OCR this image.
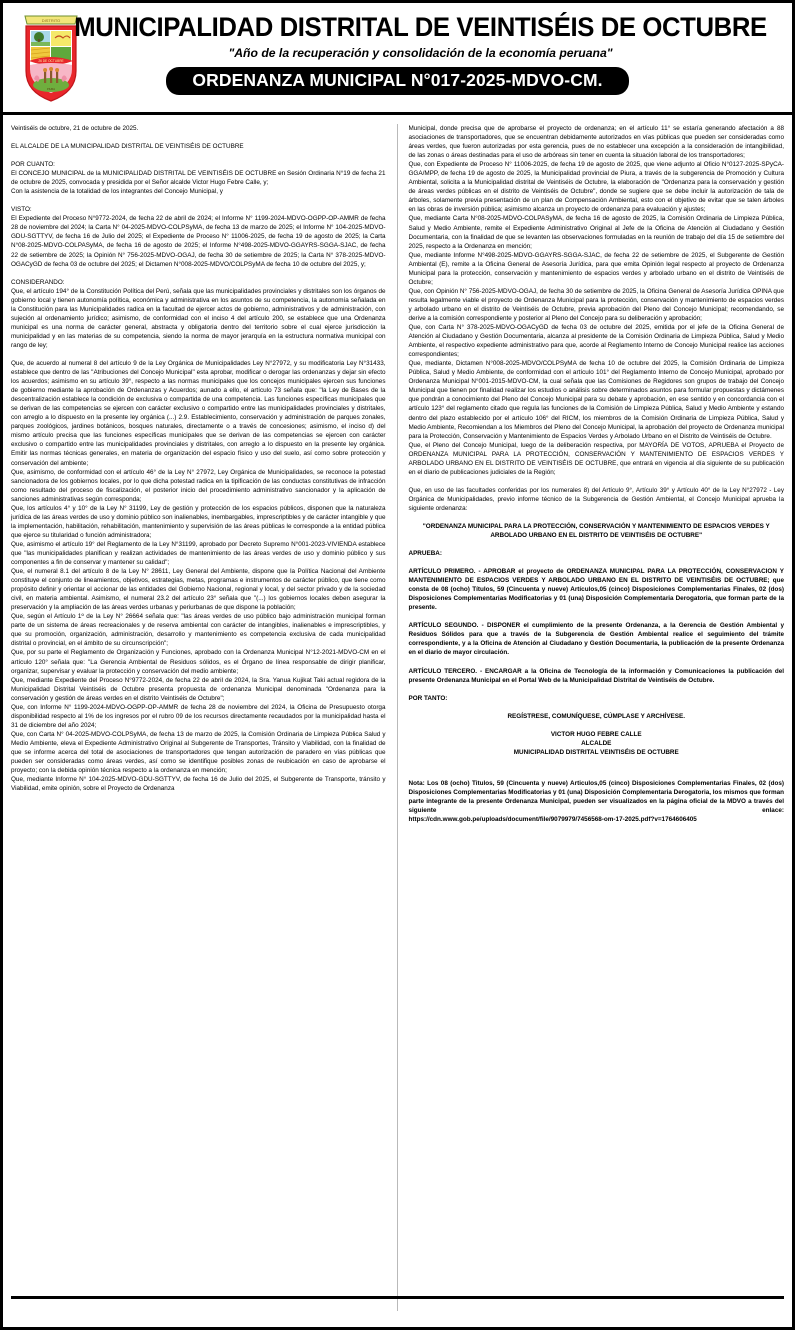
DISTRITO
26 DE OCTUBRE
PIURA
MUNICIPALIDAD DISTRITAL DE VEINTISÉIS DE OCTUBRE
"Año de la recuperación y consolidación de la economía peruana"
ORDENANZA MUNICIPAL N°017-2025-MDVO-CM.

Veintiséis de octubre, 21 de octubre de 2025.

EL ALCALDE DE LA MUNICIPALIDAD DISTRITAL DE VEINTISÉIS DE OCTUBRE

POR CUANTO:

El CONCEJO MUNICIPAL de la MUNICIPALIDAD DISTRITAL DE VEINTISÉIS DE OCTUBRE en Sesión Ordinaria N°19 de fecha 21 de octubre de 2025, convocada y presidida por el Señor alcalde Victor Hugo Febre Calle, y;

Con la asistencia de la totalidad de los integrantes del Concejo Municipal, y

VISTO:

El Expediente del Proceso N°9772-2024, de fecha 22 de abril de 2024; el Informe N° 1199-2024-MDVO-OGPP-OP-AMMR de fecha 28 de noviembre del 2024; la Carta N° 04-2025-MDVO-COLPSyMA, de fecha 13 de marzo de 2025; el Informe N° 104-2025-MDVO-GDU-SGTTYV, de fecha 16 de Julio del 2025; el Expediente de Proceso N° 11006-2025, de fecha 19 de agosto de 2025; la Carta N°08-2025-MDVO-COLPASyMA, de fecha 16 de agosto de 2025; el Informe N°498-2025-MDVO-GGAYRS-SGGA-SJAC, de fecha 22 de setiembre de 2025; la Opinión N° 756-2025-MDVO-OGAJ, de fecha 30 de setiembre de 2025; la Carta N° 378-2025-MDVO-OGACyGD de fecha 03 de octubre del 2025; el Dictamen N°008-2025-MDVO/COLPSyMA de fecha 10 de octubre del 2025, y;

CONSIDERANDO:

Que, el artículo 194° de la Constitución Política del Perú, señala que las municipalidades provinciales y distritales son los órganos de gobierno local y tienen autonomía política, económica y administrativa en los asuntos de su competencia, la autonomía señalada en la Constitución para las Municipalidades radica en la facultad de ejercer actos de gobierno, administrativos y de administración, con sujeción al ordenamiento jurídico; asimismo, de conformidad con el inciso 4 del artículo 200, se establece que una Ordenanza municipal es una norma de carácter general, abstracta y obligatoria dentro del territorio sobre el cual ejerce jurisdicción la municipalidad y en las materias de su competencia, siendo la norma de mayor jerarquía en la estructura normativa municipal con rango de ley;

Que, de acuerdo al numeral 8 del artículo 9 de la Ley Orgánica de Municipalidades Ley N°27972, y su modificatoria Ley N°31433, establece que dentro de las "Atribuciones del Concejo Municipal" esta aprobar, modificar o derogar las ordenanzas y dejar sin efecto los acuerdos; asimismo en su artículo 39°, respecto a las normas municipales que los concejos municipales ejercen sus funciones de gobierno mediante la aprobación de Ordenanzas y Acuerdos; aunado a ello, el artículo 73 señala que: "la Ley de Bases de la descentralización establece la condición de exclusiva o compartida de una competencia. Las funciones específicas municipales que se derivan de las competencias se ejercen con carácter exclusivo o compartido entre las municipalidades provinciales y distritales, con arreglo a lo dispuesto en la presente ley orgánica (...) 2.9. Establecimiento, conservación y administración de parques zonales, parques zoológicos, jardines botánicos, bosques naturales, directamente o a través de concesiones; asimismo, el inciso d) del mismo artículo precisa que las funciones específicas municipales que se derivan de las competencias se ejercen con carácter exclusivo o compartido entre las municipalidades provinciales y distritales, con arreglo a lo dispuesto en la presente ley orgánica. Emitir las normas técnicas generales, en materia de organización del espacio físico y uso del suelo, así como sobre protección y conservación del ambiente;

Que, asimismo, de conformidad con el artículo 46° de la Ley N° 27972, Ley Orgánica de Municipalidades, se reconoce la potestad sancionadora de los gobiernos locales, por lo que dicha potestad radica en la tipificación de las conductas constitutivas de infracción como resultado del proceso de fiscalización, el posterior inicio del procedimiento administrativo sancionador y la aplicación de sanciones administrativas según corresponda;

Que, los artículos 4° y 10° de la Ley N° 31199, Ley de gestión y protección de los espacios públicos, disponen que la naturaleza jurídica de las áreas verdes de uso y dominio público son inalienables, inembargables, imprescriptibles y de carácter intangible y que la implementación, habilitación, rehabilitación, mantenimiento y supervisión de las áreas públicas le corresponde a la entidad pública que ejerce su titularidad o función administradora;

Que, asimismo el artículo 19° del Reglamento de la Ley N°31199, aprobado por Decreto Supremo N°001-2023-VIVIENDA establece que "las municipalidades planifican y realizan actividades de mantenimiento de las áreas verdes de uso y dominio público y sus componentes a fin de conservar y mantener su calidad";

Que, el numeral 8.1 del artículo 8 de la Ley N° 28611, Ley General del Ambiente, dispone que la Política Nacional del Ambiente constituye el conjunto de lineamientos, objetivos, estrategias, metas, programas e instrumentos de carácter público, que tiene como propósito definir y orientar el accionar de las entidades del Gobierno Nacional, regional y local, y del sector privado y de la sociedad civil, en materia ambiental. Asimismo, el numeral 23.2 del artículo 23° señala que "(...) los gobiernos locales deben asegurar la preservación y la ampliación de las áreas verdes urbanas y periurbanas de que dispone la población;

Que, según el Artículo 1º de la Ley N° 26664 señala que: "las áreas verdes de uso público bajo administración municipal forman parte de un sistema de áreas recreacionales y de reserva ambiental con carácter de intangibles, inalienables e imprescriptibles, y que su promoción, organización, administración, desarrollo y mantenimiento es competencia exclusiva de cada municipalidad distrital o provincial, en el ámbito de su circunscripción";

Que, por su parte el Reglamento de Organización y Funciones, aprobado con la Ordenanza Municipal N°12-2021-MDVO-CM en el artículo 120° señala que: "La Gerencia Ambiental de Residuos sólidos, es el Órgano de línea responsable de dirigir planificar, organizar, supervisar y evaluar la protección y conservación del medio ambiente;

Que, mediante Expediente del Proceso N°9772-2024, de fecha 22 de abril de 2024, la Sra. Yanua Kujikat Taki actual regidora de la Municipalidad Distrital Veintiséis de Octubre presenta propuesta de ordenanza Municipal denominada "Ordenanza para la conservación y gestión de áreas verdes en el distrito Veintiséis de Octubre";

Que, con Informe N° 1199-2024-MDVO-OGPP-OP-AMMR de fecha 28 de noviembre del 2024, la Oficina de Presupuesto otorga disponibilidad respecto al 1% de los ingresos por el rubro 09 de los recursos directamente recaudados por la municipalidad hasta el 31 de diciembre del año 2024;

Que, con Carta N° 04-2025-MDVO-COLPSyMA, de fecha 13 de marzo de 2025, la Comisión Ordinaria de Limpieza Pública Salud y Medio Ambiente, eleva el Expediente Administrativo Original al Subgerente de Transportes, Tránsito y Viabilidad, con la finalidad de que se informe acerca del total de asociaciones de transportadores que tengan autorización de paradero en vías públicas que pueden ser consideradas como áreas verdes, así como se identifique posibles zonas de reubicación en caso de aprobarse el proyecto; con la debida opinión técnica respecto a la ordenanza en mención;

Que, mediante Informe N° 104-2025-MDVO-GDU-SGTTYV, de fecha 16 de Julio del 2025, el Subgerente de Transporte, tránsito y Viabilidad, emite opinión, sobre el Proyecto de Ordenanza

Municipal, donde precisa que de aprobarse el proyecto de ordenanza; en el artículo 11° se estaría generando afectación a 88 asociaciones de transportadores, que se encuentran debidamente autorizados en vías públicas que pueden ser consideradas como áreas verdes, que fueron autorizadas por esta gerencia, pues de no establecer una excepción a la consideración de intangibilidad, de las zonas o áreas destinadas para el uso de arbóreas sin tener en cuenta la situación laboral de los transportadores;

Que, con Expediente de Proceso N° 11006-2025, de fecha 19 de agosto de 2025, que viene adjunto al Oficio N°0127-2025-SPyCA-GGA/MPP, de fecha 19 de agosto de 2025, la Municipalidad provincial de Piura, a través de la subgerencia de Promoción y Cultura Ambiental, solicita a la Municipalidad distrital de Veintiséis de Octubre, la elaboración de "Ordenanza para la conservación y gestión de áreas verdes públicas en el distrito de Veintiséis de Octubre", donde se sugiere que se debe incluir la autorización de tala de árboles, solamente previa presentación de un plan de Compensación Ambiental, esto con el objetivo de evitar que se talen árboles en las obras de inversión pública; asimismo alcanza un proyecto de ordenanza para evaluación y ajustes;

Que, mediante Carta N°08-2025-MDVO-COLPASyMA, de fecha 16 de agosto de 2025, la Comisión Ordinaria de Limpieza Pública, Salud y Medio Ambiente, remite el Expediente Administrativo Original al Jefe de la Oficina de Atención al Ciudadano y Gestión Documentaria, con la finalidad de que se levanten las observaciones formuladas en la reunión de trabajo del día 15 de setiembre del 2025, respecto a la Ordenanza en mención;

Que, mediante Informe N°498-2025-MDVO-GGAYRS-SGGA-SJAC, de fecha 22 de setiembre de 2025, el Subgerente de Gestión Ambiental (E), remite a la Oficina General de Asesoría Jurídica, para que emita Opinión legal respecto al proyecto de Ordenanza Municipal para la protección, conservación y mantenimiento de espacios verdes y arbolado urbano en el distrito de Veintiséis de Octubre;

Que, con Opinión N° 756-2025-MDVO-OGAJ, de fecha 30 de setiembre de 2025, la Oficina General de Asesoría Jurídica OPINA que resulta legalmente viable el proyecto de Ordenanza Municipal para la protección, conservación y mantenimiento de espacios verdes y arbolado urbano en el distrito de Veintiséis de Octubre, previa aprobación del Pleno del Concejo Municipal; recomendando, se derive a la comisión correspondiente y posterior al Pleno del Concejo para su deliberación y aprobación;

Que, con Carta N° 378-2025-MDVO-OGACyGD de fecha 03 de octubre del 2025, emitida por el jefe de la Oficina General de Atención al Ciudadano y Gestión Documentaria, alcanza al presidente de la Comisión Ordinaria de Limpieza Pública, Salud y Medio Ambiente, el respectivo expediente administrativo para que, acorde al Reglamento Interno de Concejo Municipal realice las acciones correspondientes;

Que, mediante, Dictamen N°008-2025-MDVO/COLPSyMA de fecha 10 de octubre del 2025, la Comisión Ordinaria de Limpieza Pública, Salud y Medio Ambiente, de conformidad con el artículo 101° del Reglamento Interno de Concejo Municipal, aprobado por Ordenanza Municipal N°001-2015-MDVO-CM, la cual señala que las Comisiones de Regidores son grupos de trabajo del Concejo Municipal que tienen por finalidad realizar los estudios o análisis sobre determinados asuntos para formular propuestas y dictámenes que pondrán a conocimiento del Pleno del Concejo Municipal para su debate y aprobación, en ese sentido y en concordancia con el artículo 123° del reglamento citado que regula las funciones de la Comisión de Limpieza Pública, Salud y Medio Ambiente y estando dentro del plazo establecido por el artículo 106° del RICM, los miembros de la Comisión Ordinaria de Limpieza Pública, Salud y Medio Ambiente, Recomiendan a los Miembros del Pleno del Concejo Municipal, la aprobación del proyecto de Ordenanza municipal para la Protección, Conservación y Mantenimiento de Espacios Verdes y Arbolado Urbano en el Distrito de Veintiséis de Octubre.

Que, el Pleno del Concejo Municipal, luego de la deliberación respectiva, por MAYORÍA DE VOTOS, APRUEBA el Proyecto de ORDENANZA MUNICIPAL PARA LA PROTECCIÓN, CONSERVACIÓN Y MANTENIMIENTO DE ESPACIOS VERDES Y ARBOLADO URBANO EN EL DISTRITO DE VEINTISÉIS DE OCTUBRE, que entrará en vigencia al día siguiente de su publicación en el diario de publicaciones judiciales de la Región;

Que, en uso de las facultades conferidas por los numerales 8) del Artículo 9°, Artículo 39° y Artículo 40° de la Ley N°27972 - Ley Orgánica de Municipalidades, previo informe técnico de la Subgerencia de Gestión Ambiental, el Concejo Municipal aprueba la siguiente ordenanza:

"ORDENANZA MUNICIPAL PARA LA PROTECCIÓN, CONSERVACIÓN Y MANTENIMIENTO DE ESPACIOS VERDES Y ARBOLADO URBANO EN EL DISTRITO DE VEINTISÉIS DE OCTUBRE"

APRUEBA:

ARTÍCULO PRIMERO. - APROBAR el proyecto de ORDENANZA MUNICIPAL PARA LA PROTECCIÓN, CONSERVACION Y MANTENIMIENTO DE ESPACIOS VERDES Y ARBOLADO URBANO EN EL DISTRITO DE VEINTISÉIS DE OCTUBRE; que consta de 08 (ocho) Títulos, 59 (Cincuenta y nueve) Artículos,05 (cinco) Disposiciones Complementarias Finales, 02 (dos) Disposiciones Complementarias Modificatorias y 01 (una) Disposición Complementaria Derogatoria, que forman parte de la presente.

ARTÍCULO SEGUNDO. - DISPONER el cumplimiento de la presente Ordenanza, a la Gerencia de Gestión Ambiental y Residuos Sólidos para que a través de la Subgerencia de Gestión Ambiental realice el seguimiento del trámite correspondiente, y a la Oficina de Atención al Ciudadano y Gestión Documentaria, la publicación de la presente Ordenanza en el diario de mayor circulación.

ARTÍCULO TERCERO. - ENCARGAR a la Oficina de Tecnología de la información y Comunicaciones la publicación del presente Ordenanza Municipal en el Portal Web de la Municipalidad Distrital de Veintiséis de Octubre.

POR TANTO:

REGÍSTRESE, COMUNÍQUESE, CÚMPLASE Y ARCHÍVESE.

VICTOR HUGO FEBRE CALLE

ALCALDE

MUNICIPALIDAD DISTRITAL VEINTISÉIS DE OCTUBRE

Nota: Los 08 (ocho) Titulos, 59 (Cincuenta y nueve) Articulos,05 (cinco) Disposiciones Complementarias Finales, 02 (dos) Disposiciones Complementarias Modificatorias y 01 (una) Disposición Complementaria Derogatoria, los mismos que forman parte integrante de la presente Ordenanza Municipal, pueden ser visualizados en la página oficial de la MDVO a través del siguiente	enlace:

https://cdn.www.gob.pe/uploads/document/file/9079979/7456568-om-17-2025.pdf?v=1764606405
